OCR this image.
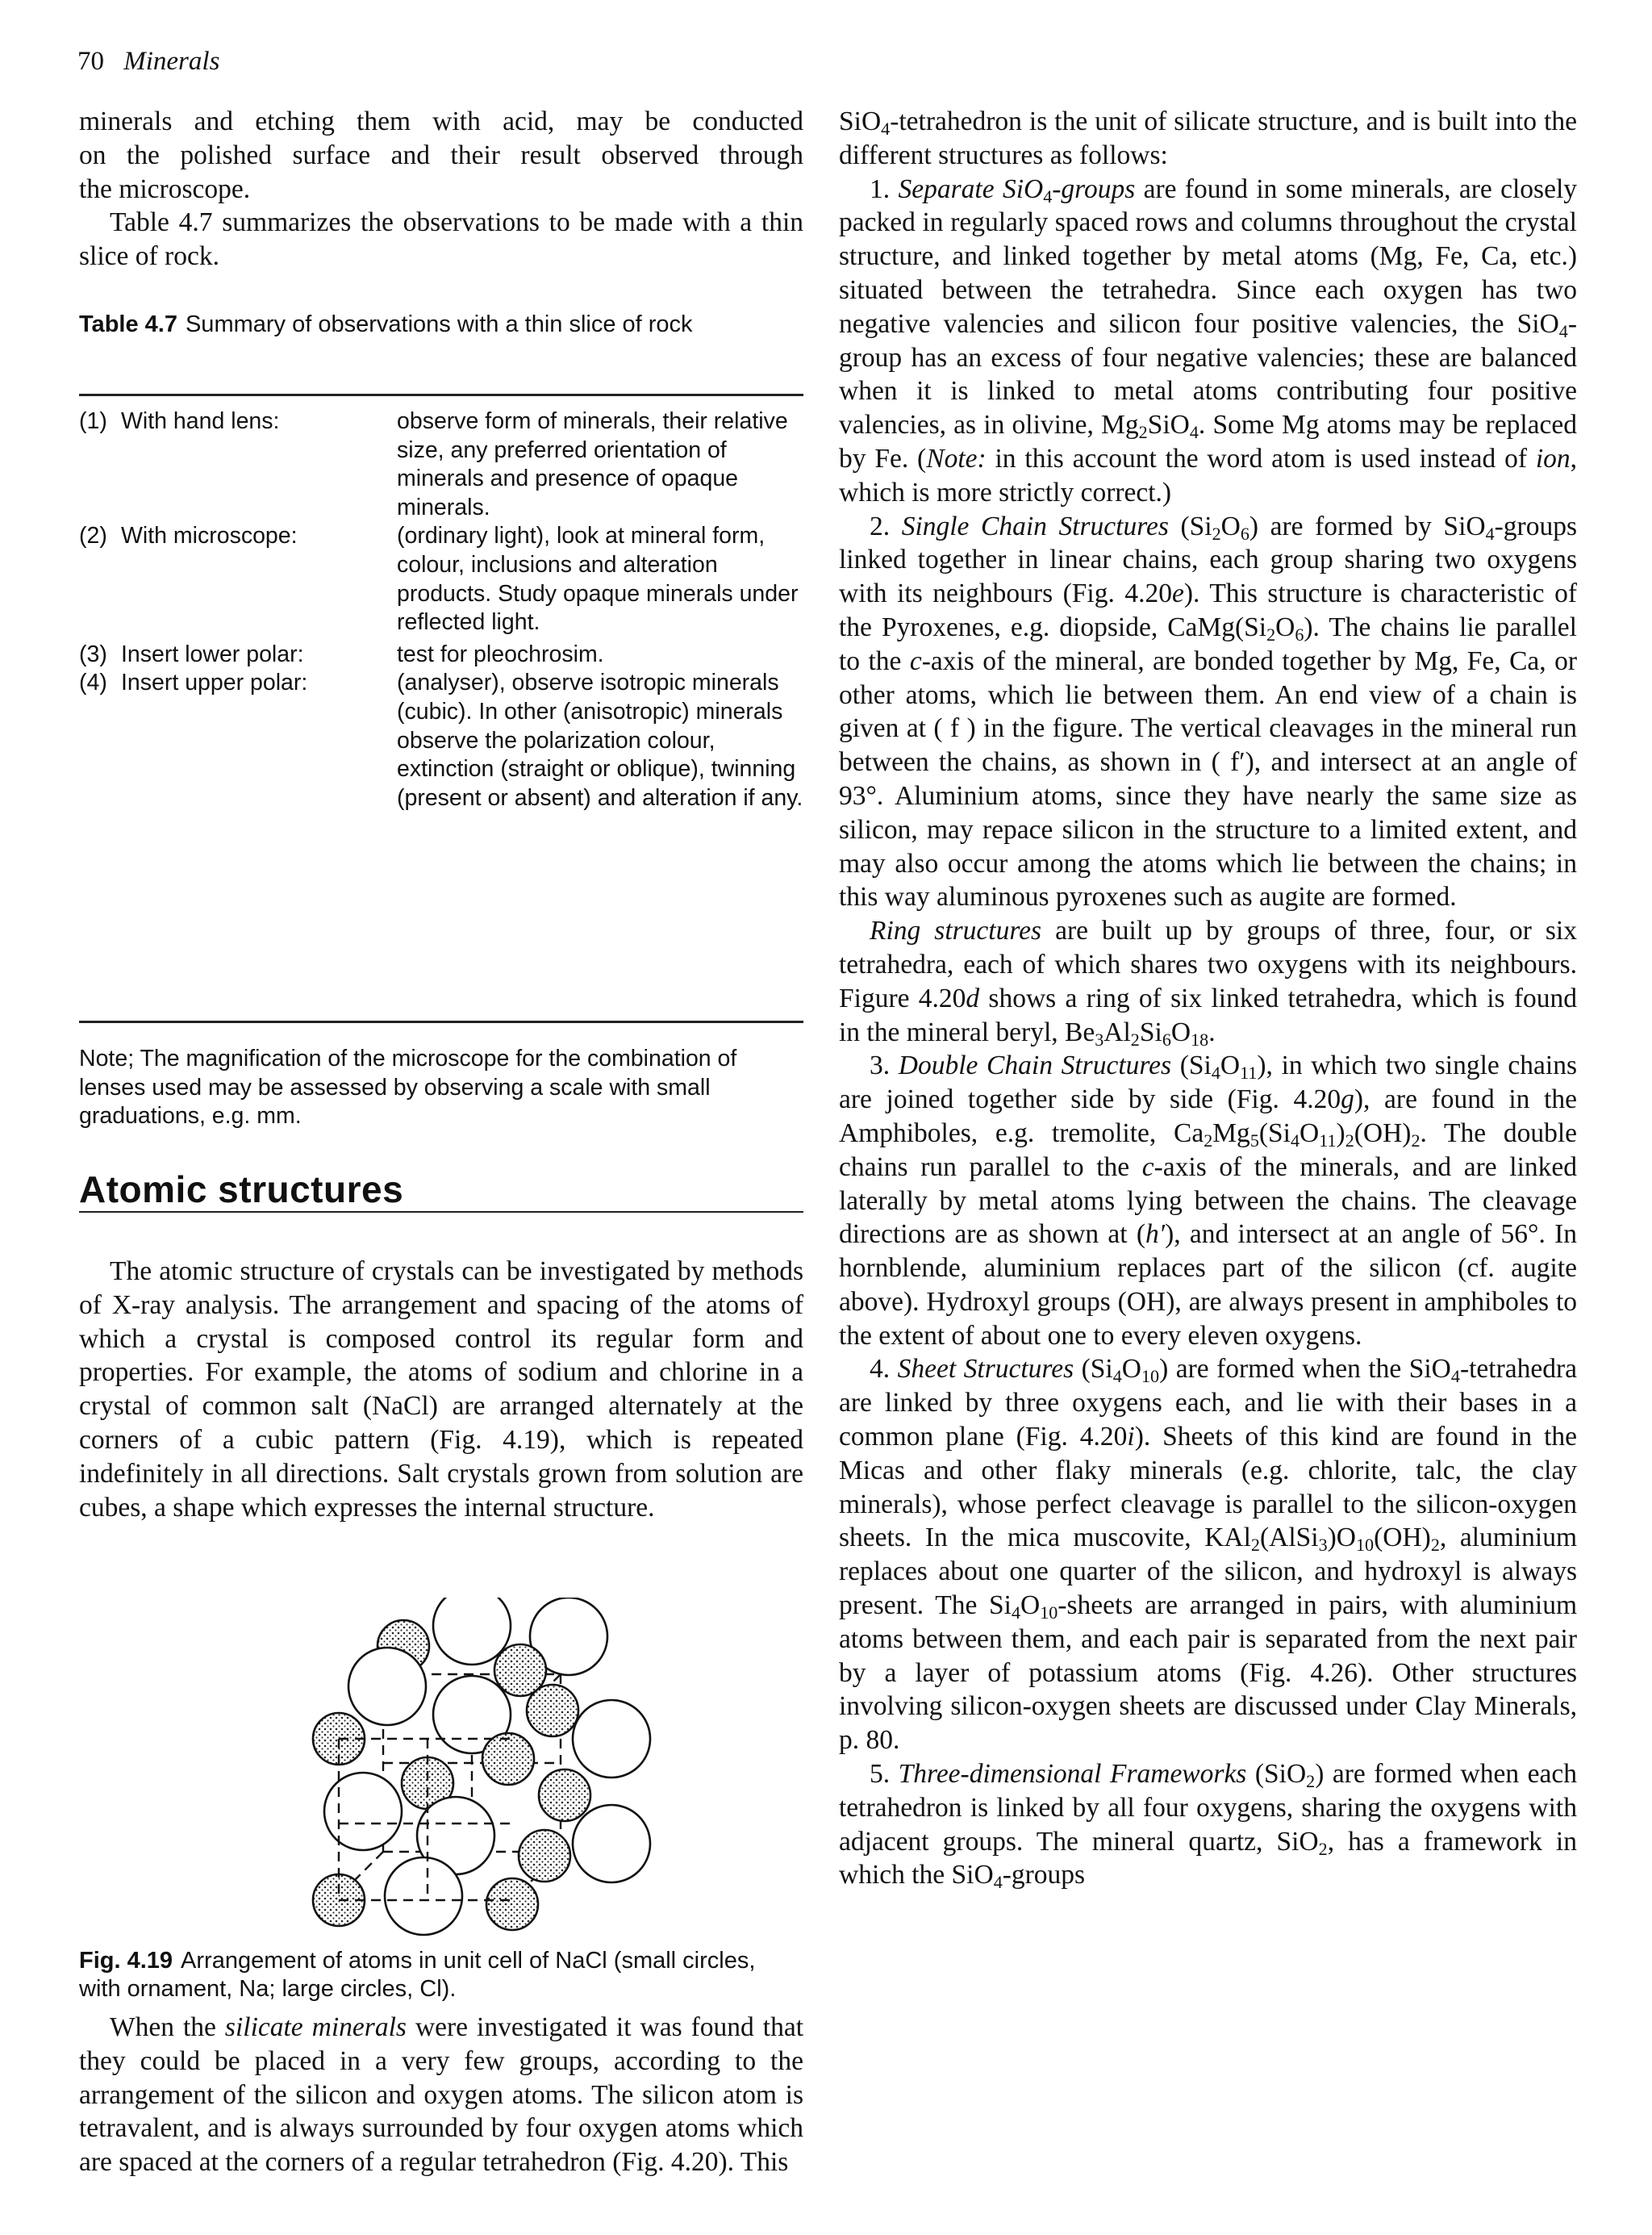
70 Minerals
minerals and etching them with acid, may be conducted
on the polished surface and their result observed through
the microscope.

Table 4.7 summarizes the observations to be made with a thin slice of rock.

Table 4.7 Summary of observations with a thin slice of rock

(1) With hand lens:	observe form of minerals, their relative size, any preferred orientation of minerals and presence of opaque minerals.
(2) With microscope:	(ordinary light), look at mineral form, colour, inclusions and alteration products. Study opaque minerals under reflected light.
(3) Insert lower polar:	test for pleochrosim.
(4) Insert upper polar:	(analyser), observe isotropic minerals (cubic). In other (anisotropic) minerals observe the polarization colour, extinction (straight or oblique), twinning (present or absent) and alteration if any.

Note; The magnification of the microscope for the combination of lenses used may be assessed by observing a scale with small graduations, e.g. mm.

Atomic structures

The atomic structure of crystals can be investigated by methods of X-ray analysis. The arrangement and spacing of the atoms of which a crystal is composed control its regular form and properties. For example, the atoms of sodium and chlorine in a crystal of common salt (NaCl) are arranged alternately at the corners of a cubic pattern (Fig. 4.19), which is repeated indefinitely in all directions. Salt crystals grown from solution are cubes, a shape which expresses the internal structure.

Fig. 4.19 Arrangement of atoms in unit cell of NaCl (small circles, with ornament, Na; large circles, Cl).

When the silicate minerals were investigated it was found that they could be placed in a very few groups, according to the arrangement of the silicon and oxygen atoms. The silicon atom is tetravalent, and is always surrounded by four oxygen atoms which are spaced at the corners of a regular tetrahedron (Fig. 4.20). This

SiO$_4$-tetrahedron is the unit of silicate structure, and is built into the different structures as follows:

1. Separate SiO$_4$-groups are found in some minerals, are closely packed in regularly spaced rows and columns throughout the crystal structure, and linked together by metal atoms (Mg, Fe, Ca, etc.) situated between the tetrahedra. Since each oxygen has two negative valencies and silicon four positive valencies, the SiO$_4$-group has an excess of four negative valencies; these are balanced when it is linked to metal atoms contributing four positive valencies, as in olivine, $Mg_2SiO_4$. Some Mg atoms may be replaced by Fe. (Note: in this account the word atom is used instead of ion, which is more strictly correct.)

2. Single Chain Structures $(Si_2O_6)$ are formed by SiO$_4$-groups linked together in linear chains, each group sharing two oxygens with its neighbours (Fig. 4.20e). This structure is characteristic of the Pyroxenes, e.g. diopside, $CaMg(Si_2O_6)$. The chains lie parallel to the c-axis of the mineral, are bonded together by Mg, Fe, Ca, or other atoms, which lie between them. An end view of a chain is given at ( f ) in the figure. The vertical cleavages in the mineral run between the chains, as shown in ( f′), and intersect at an angle of 93°. Aluminium atoms, since they have nearly the same size as silicon, may repace silicon in the structure to a limited extent, and may also occur among the atoms which lie between the chains; in this way aluminous pyroxenes such as augite are formed.

Ring structures are built up by groups of three, four, or six tetrahedra, each of which shares two oxygens with its neighbours. Figure 4.20d shows a ring of six linked tetrahedra, which is found in the mineral beryl, $Be_3Al_2Si_6O_{18}$.

3. Double Chain Structures $(Si_4O_{11})$, in which two single chains are joined together side by side (Fig. 4.20g), are found in the Amphiboles, e.g. tremolite, $Ca_2Mg_5(Si_4O_{11})_2(OH)_2$. The double chains run parallel to the c-axis of the minerals, and are linked laterally by metal atoms lying between the chains. The cleavage directions are as shown at (h′), and intersect at an angle of 56°. In hornblende, aluminium replaces part of the silicon (cf. augite above). Hydroxyl groups (OH), are always present in amphiboles to the extent of about one to every eleven oxygens.

4. Sheet Structures $(Si_4O_{10})$ are formed when the SiO$_4$-tetrahedra are linked by three oxygens each, and lie with their bases in a common plane (Fig. 4.20i). Sheets of this kind are found in the Micas and other flaky minerals (e.g. chlorite, talc, the clay minerals), whose perfect cleavage is parallel to the silicon-oxygen sheets. In the mica muscovite, $KAl_2(AlSi_3)O_{10}(OH)_2$, aluminium replaces about one quarter of the silicon, and hydroxyl is always present. The $Si_4O_{10}$-sheets are arranged in pairs, with aluminium atoms between them, and each pair is separated from the next pair by a layer of potassium atoms (Fig. 4.26). Other structures involving silicon-oxygen sheets are discussed under Clay Minerals, p. 80.

5. Three-dimensional Frameworks (SiO$_2$) are formed when each tetrahedron is linked by all four oxygens, sharing the oxygens with adjacent groups. The mineral quartz, SiO$_2$, has a framework in which the SiO$_4$-groups
